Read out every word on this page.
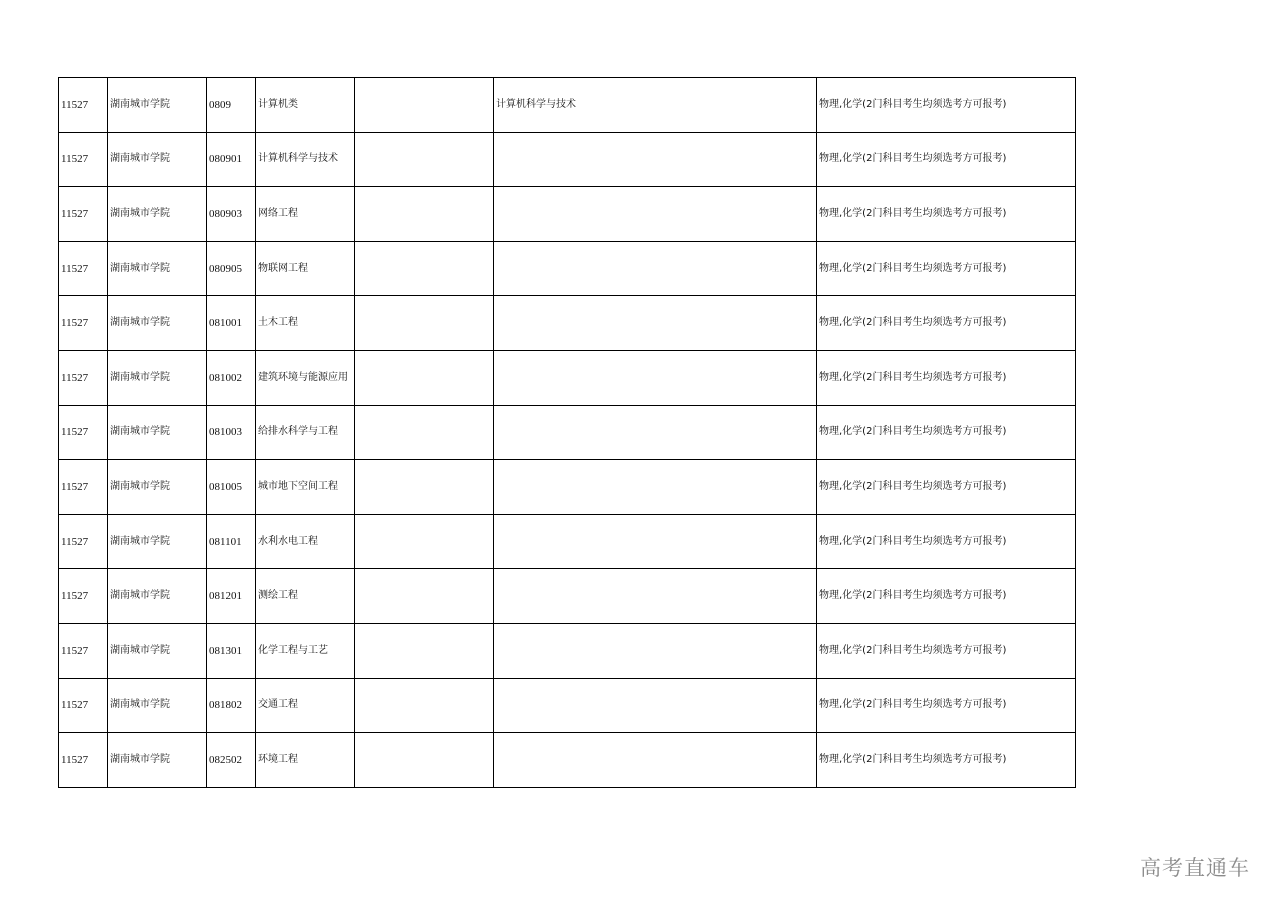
11527	湖南城市学院	0809	计算机类		计算机科学与技术	物理,化学(2门科目考生均须选考方可报考)
11527	湖南城市学院	080901	计算机科学与技术			物理,化学(2门科目考生均须选考方可报考)
11527	湖南城市学院	080903	网络工程			物理,化学(2门科目考生均须选考方可报考)
11527	湖南城市学院	080905	物联网工程			物理,化学(2门科目考生均须选考方可报考)
11527	湖南城市学院	081001	土木工程			物理,化学(2门科目考生均须选考方可报考)
11527	湖南城市学院	081002	建筑环境与能源应用			物理,化学(2门科目考生均须选考方可报考)
11527	湖南城市学院	081003	给排水科学与工程			物理,化学(2门科目考生均须选考方可报考)
11527	湖南城市学院	081005	城市地下空间工程			物理,化学(2门科目考生均须选考方可报考)
11527	湖南城市学院	081101	水利水电工程			物理,化学(2门科目考生均须选考方可报考)
11527	湖南城市学院	081201	测绘工程			物理,化学(2门科目考生均须选考方可报考)
11527	湖南城市学院	081301	化学工程与工艺			物理,化学(2门科目考生均须选考方可报考)
11527	湖南城市学院	081802	交通工程			物理,化学(2门科目考生均须选考方可报考)
11527	湖南城市学院	082502	环境工程			物理,化学(2门科目考生均须选考方可报考)
高考直通车
